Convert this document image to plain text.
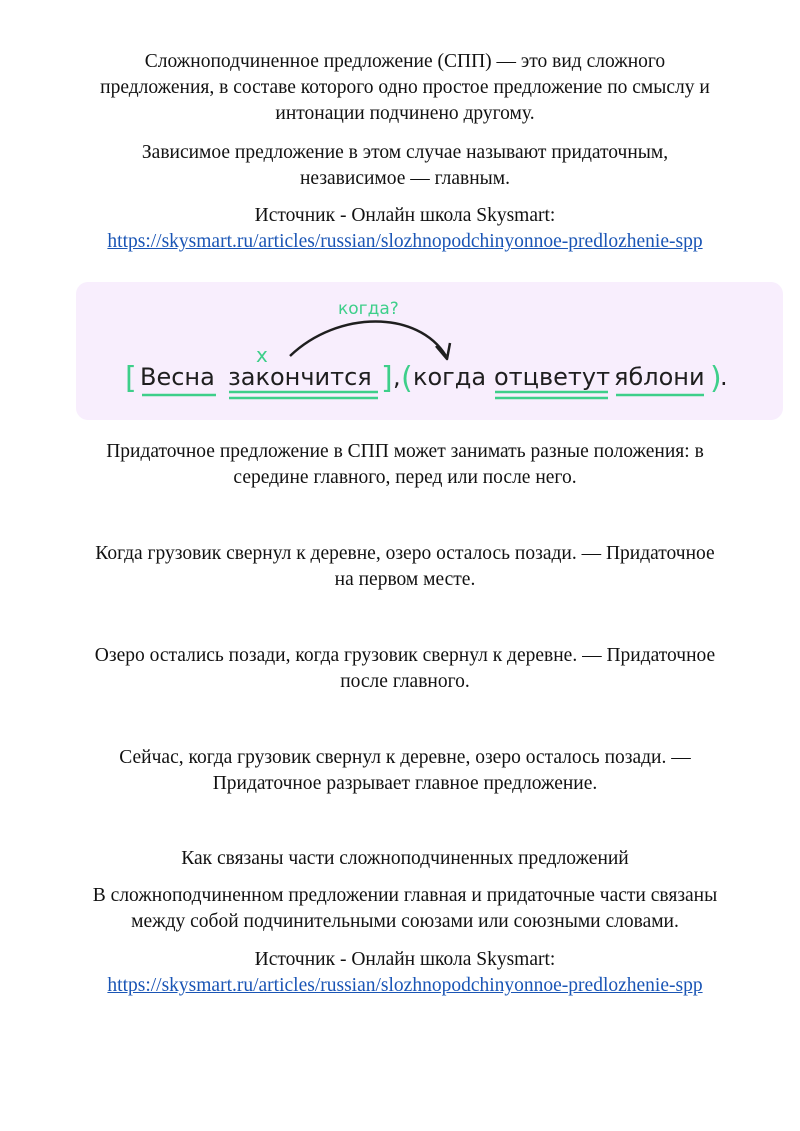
Сложноподчиненное предложение (СПП) — это вид сложного
предложения, в составе которого одно простое предложение по смыслу и
интонации подчинено другому.

Зависимое предложение в этом случае называют придаточным,
независимое — главным.

Источник - Онлайн школа Skysmart:
https://skysmart.ru/articles/russian/slozhnopodchinyonnoe-predlozhenie-spp

когда?
х
[ Весна закончится ] , ( когда отцветут яблони )
.

Придаточное предложение в СПП может занимать разные положения: в
середине главного, перед или после него.

Когда грузовик свернул к деревне, озеро осталось позади. — Придаточное
на первом месте.

Озеро остались позади, когда грузовик свернул к деревне. — Придаточное
после главного.

Сейчас, когда грузовик свернул к деревне, озеро осталось позади. —
Придаточное разрывает главное предложение.

Как связаны части сложноподчиненных предложений

В сложноподчиненном предложении главная и придаточные части связаны
между собой подчинительными союзами или союзными словами.

Источник - Онлайн школа Skysmart:
https://skysmart.ru/articles/russian/slozhnopodchinyonnoe-predlozhenie-spp
